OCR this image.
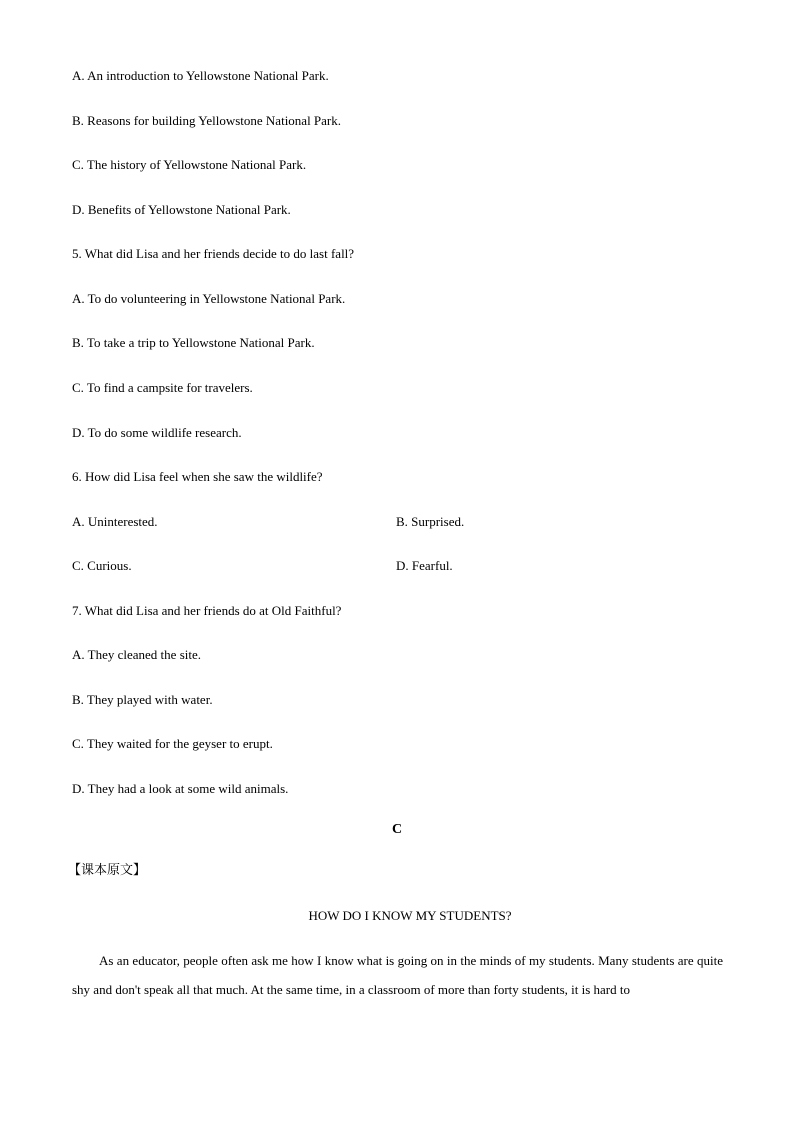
A. An introduction to Yellowstone National Park.
B. Reasons for building Yellowstone National Park.
C. The history of Yellowstone National Park.
D. Benefits of Yellowstone National Park.
5. What did Lisa and her friends decide to do last fall?
A. To do volunteering in Yellowstone National Park.
B. To take a trip to Yellowstone National Park.
C. To find a campsite for travelers.
D. To do some wildlife research.
6. How did Lisa feel when she saw the wildlife?
A. Uninterested.	B. Surprised.
C. Curious.	D. Fearful.
7. What did Lisa and her friends do at Old Faithful?
A. They cleaned the site.
B. They played with water.
C. They waited for the geyser to erupt.
D. They had a look at some wild animals.
C
【课本原文】
HOW DO I KNOW MY STUDENTS?
As an educator, people often ask me how I know what is going on in the minds of my students. Many students are quite shy and don't speak all that much. At the same time, in a classroom of more than forty students, it is hard to
